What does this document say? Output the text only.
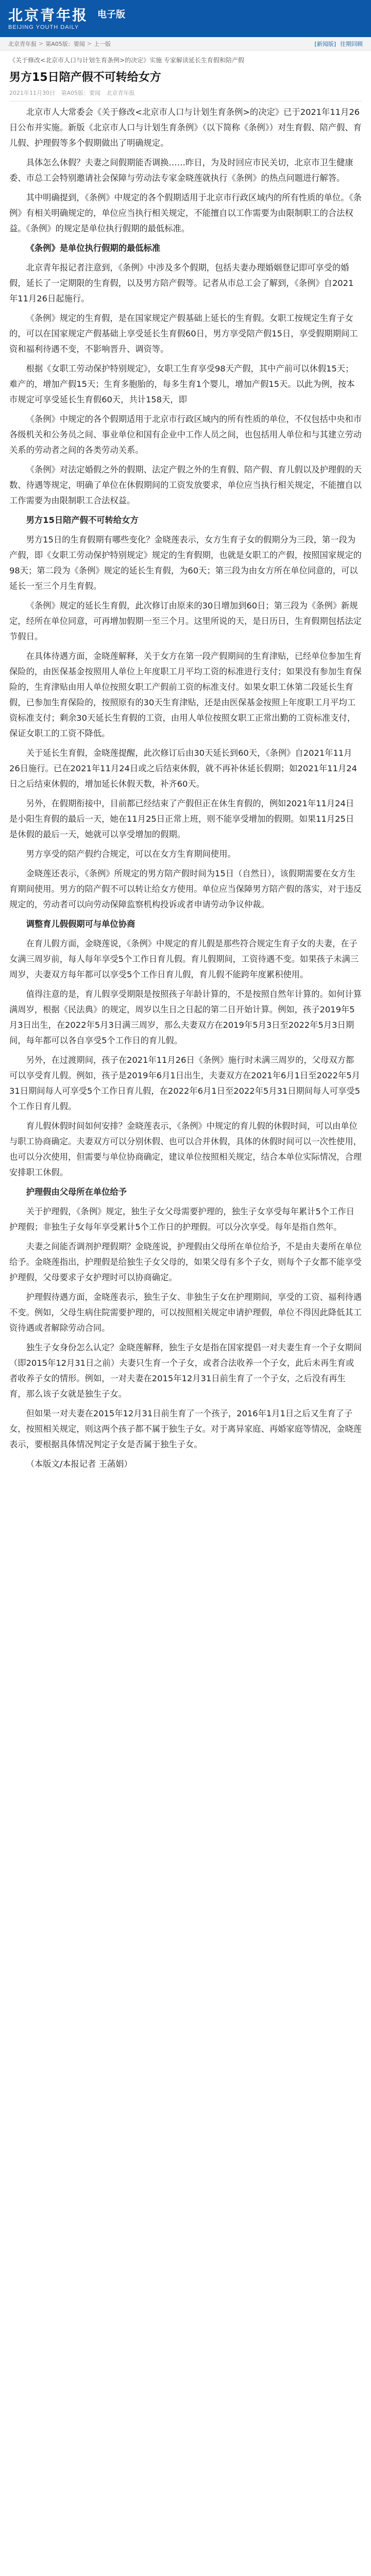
北京青年报
BEIJING YOUTH DAILY
电子版
北京青年报 > 第A05版：要闻 > 上一版	[新闻版] 往期回顾
《关于修改<北京市人口与计划生育条例>的决定》实施 专家解读延长生育假和陪产假
男方15日陪产假不可转给女方
2021年11月30日 第A05版：要闻 北京青年报

北京市人大常委会《关于修改<北京市人口与计划生育条例>的决定》已于2021年11月26日公布并实施。新版《北京市人口与计划生育条例》（以下简称《条例》）对生育假、陪产假、育儿假、护理假等多个假期做出了明确规定。

具体怎么休假？夫妻之间假期能否调换……昨日，为及时回应市民关切，北京市卫生健康委、市总工会特别邀请社会保障与劳动法专家金晓莲就执行《条例》的热点问题进行解答。

其中明确提到，《条例》中规定的各个假期适用于北京市行政区域内的所有性质的单位。《条例》有相关明确规定的，单位应当执行相关规定，不能擅自以工作需要为由限制职工的合法权益。《条例》的规定是单位执行假期的最低标准。

《条例》是单位执行假期的最低标准

北京青年报记者注意到，《条例》中涉及多个假期，包括夫妻办理婚姻登记即可享受的婚假，延长了一定期限的生育假，以及男方陪产假等。记者从市总工会了解到，《条例》自2021年11月26日起施行。

《条例》规定的生育假，是在国家规定产假基础上延长的生育假。女职工按规定生育子女的，可以在国家规定产假基础上享受延长生育假60日，男方享受陪产假15日，享受假期期间工资和福利待遇不变，不影响晋升、调资等。

根据《女职工劳动保护特别规定》，女职工生育享受98天产假，其中产前可以休假15天；难产的，增加产假15天；生育多胞胎的，每多生育1个婴儿，增加产假15天。以此为例，按本市规定可享受延长生育假60天，共计158天，即

《条例》中规定的各个假期适用于北京市行政区域内的所有性质的单位，不仅包括中央和市各级机关和公务员之间、事业单位和国有企业中工作人员之间，也包括用人单位和与其建立劳动关系的劳动者之间的各类劳动关系。

《条例》对法定婚假之外的假期、法定产假之外的生育假、陪产假、育儿假以及护理假的天数、待遇等规定，明确了单位在休假期间的工资发放要求，单位应当执行相关规定，不能擅自以工作需要为由限制职工合法权益。

男方15日陪产假不可转给女方

男方15日的生育假期有哪些变化？金晓莲表示，女方生育子女的假期分为三段，第一段为产假，即《女职工劳动保护特别规定》规定的生育假期，也就是女职工的产假，按照国家规定的98天；第二段为《条例》规定的延长生育假，为60天；第三段为由女方所在单位同意的，可以延长一至三个月生育假。

《条例》规定的延长生育假，此次修订由原来的30日增加到60日；第三段为《条例》新规定，经所在单位同意，可再增加假期一至三个月。这里所说的天，是日历日，生育假期包括法定节假日。

在具体待遇方面，金晓莲解释，关于女方在第一段产假期间的生育津贴，已经单位参加生育保险的，由医保基金按照用人单位上年度职工月平均工资的标准进行支付；如果没有参加生育保险的，生育津贴由用人单位按照女职工产假前工资的标准支付。如果女职工休第二段延长生育假，已参加生育保险的，按照原有的30天生育津贴，还是由医保基金按照上年度职工月平均工资标准支付；剩余30天延长生育假的工资，由用人单位按照女职工正常出勤的工资标准支付，保证女职工的工资不降低。

关于延长生育假，金晓莲提醒，此次修订后由30天延长到60天，《条例》自2021年11月26日施行。已在2021年11月24日或之后结束休假，就不再补休延长假期；如2021年11月24日之后结束休假的，增加延长休假天数，补齐60天。

另外，在假期衔接中，目前都已经结束了产假但正在休生育假的，例如2021年11月24日是小阳生育假的最后一天，她在11月25日正常上班，则不能享受增加的假期。如果11月25日是休假的最后一天，她就可以享受增加的假期。

男方享受的陪产假约合规定，可以在女方生育期间使用。

金晓莲还表示，《条例》所规定的男方陪产假时间为15日（自然日），该假期需要在女方生育期间使用。男方的陪产假不可以转让给女方使用。单位应当保障男方陪产假的落实，对于违反规定的，劳动者可以向劳动保障监察机构投诉或者申请劳动争议仲裁。

调整育儿假假期可与单位协商

在育儿假方面，金晓莲说，《条例》中规定的育儿假是那些符合规定生育子女的夫妻，在子女满三周岁前，每人每年享受5个工作日育儿假。育儿假期间，工资待遇不变。如果孩子未满三周岁，夫妻双方每年都可以享受5个工作日育儿假，育儿假不能跨年度累积使用。

值得注意的是，育儿假享受期限是按照孩子年龄计算的，不是按照自然年计算的。如何计算满周岁，根据《民法典》的规定，周岁以生日之日起的第二日开始计算。例如，孩子2019年5月3日出生，在2022年5月3日满三周岁，那么夫妻双方在2019年5月3日至2022年5月3日期间，每年都可以各自享受5个工作日的育儿假。

另外，在过渡期间，孩子在2021年11月26日《条例》施行时未满三周岁的，父母双方都可以享受育儿假。例如，孩子是2019年6月1日出生，夫妻双方在2021年6月1日至2022年5月31日期间每人可享受5个工作日育儿假，在2022年6月1日至2022年5月31日期间每人可享受5个工作日育儿假。

育儿假休假时间如何安排？金晓莲表示，《条例》中规定的育儿假的休假时间，可以由单位与职工协商确定。夫妻双方可以分别休假、也可以合并休假，具体的休假时间可以一次性使用，也可以分次使用，但需要与单位协商确定，建议单位按照相关规定，结合本单位实际情况，合理安排职工休假。

护理假由父母所在单位给予

关于护理假，《条例》规定，独生子女父母需要护理的，独生子女享受每年累计5个工作日护理假；非独生子女每年享受累计5个工作日的护理假。可以分次享受。每年是指自然年。

夫妻之间能否调剂护理假期？金晓莲说，护理假由父母所在单位给予，不是由夫妻所在单位给予。金晓莲指出，护理假是给独生子女父母的，如果父母有多个子女，则每个子女都不能享受护理假，父母要求子女护理时可以协商确定。

护理假待遇方面，金晓莲表示，独生子女、非独生子女在护理期间，享受的工资、福利待遇不变。例如，父母生病住院需要护理的，可以按照相关规定申请护理假，单位不得因此降低其工资待遇或者解除劳动合同。

独生子女身份怎么认定？金晓莲解释，独生子女是指在国家提倡一对夫妻生育一个子女期间（即2015年12月31日之前）夫妻只生育一个子女，或者合法收养一个子女，此后未再生育或者收养子女的情形。例如，一对夫妻在2015年12月31日前生育了一个子女，之后没有再生育，那么该子女就是独生子女。

但如果一对夫妻在2015年12月31日前生育了一个孩子，2016年1月1日之后又生育了子女，按照相关规定，则这两个孩子都不属于独生子女。对于离异家庭、再婚家庭等情况，金晓莲表示，要根据具体情况判定子女是否属于独生子女。

（本版文/本报记者 王菡娟）
